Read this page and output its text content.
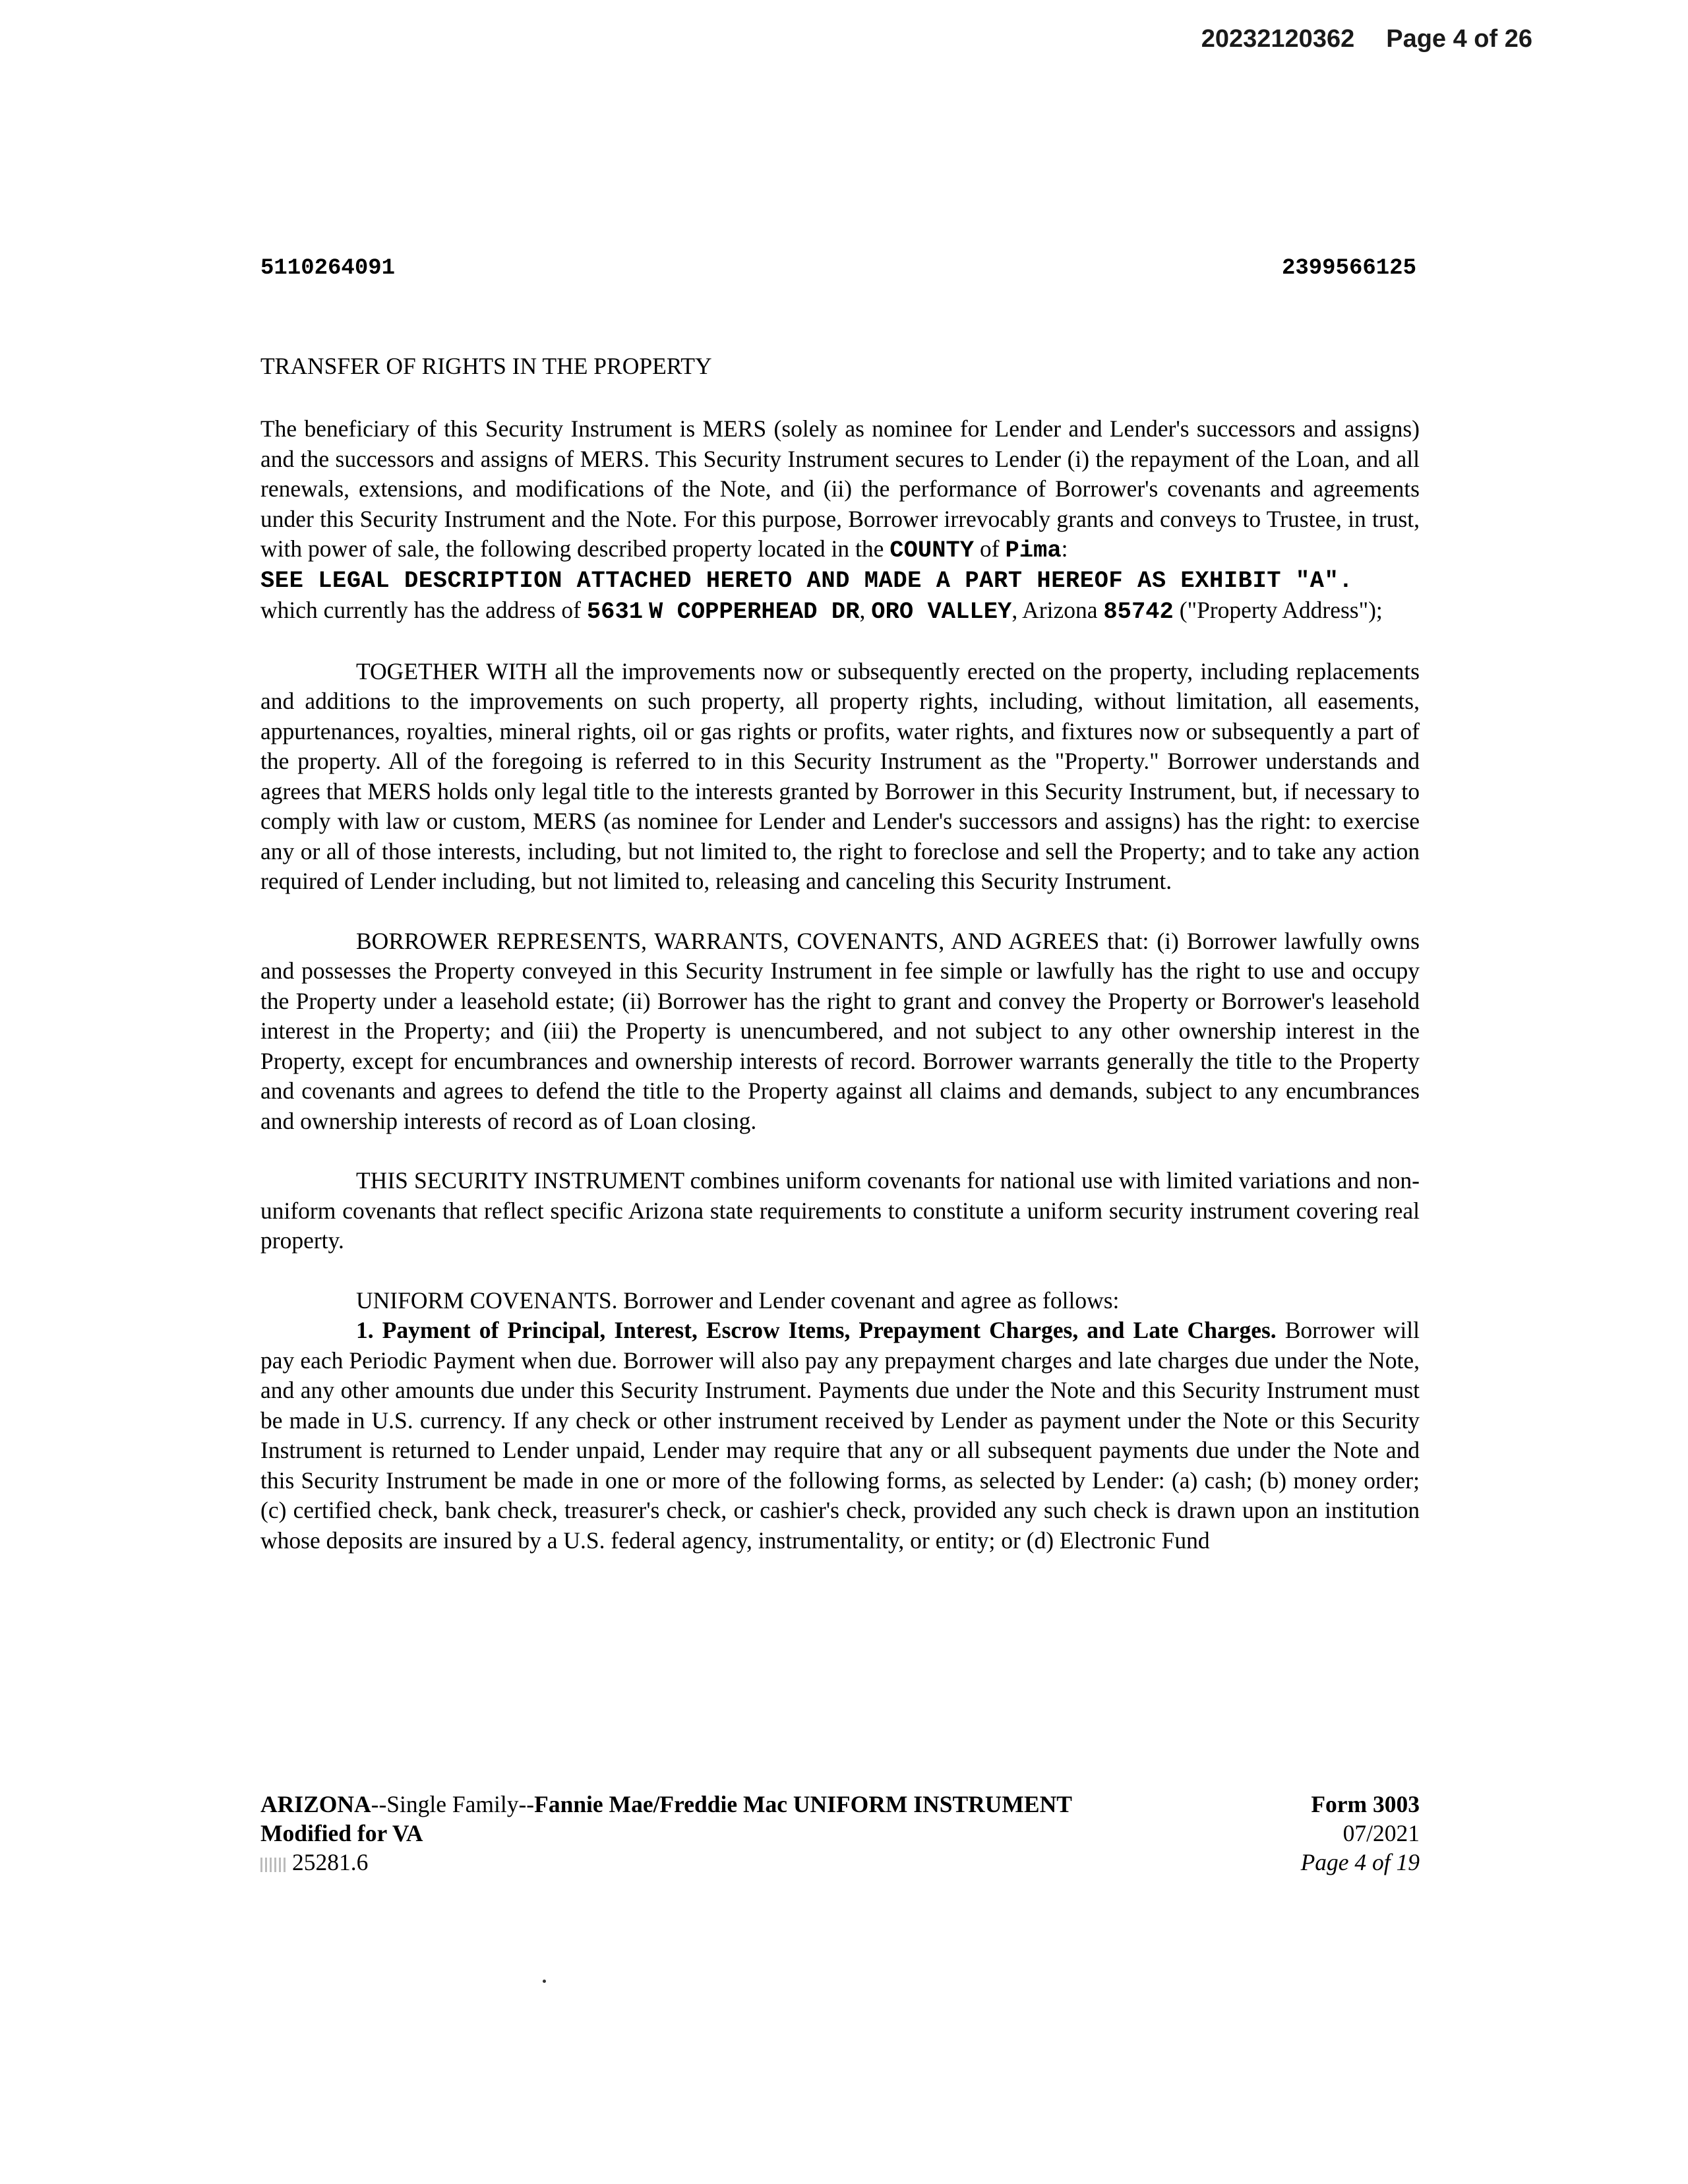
20232120362 Page 4 of 26
5110264091	2399566125
TRANSFER OF RIGHTS IN THE PROPERTY

The beneficiary of this Security Instrument is MERS (solely as nominee for Lender and Lender's successors and assigns) and the successors and assigns of MERS. This Security Instrument secures to Lender (i) the repayment of the Loan, and all renewals, extensions, and modifications of the Note, and (ii) the performance of Borrower's covenants and agreements under this Security Instrument and the Note. For this purpose, Borrower irrevocably grants and conveys to Trustee, in trust, with power of sale, the following described property located in the COUNTY of Pima:

SEE LEGAL DESCRIPTION ATTACHED HERETO AND MADE A PART HEREOF AS EXHIBIT "A".

which currently has the address of 5631 W COPPERHEAD DR, ORO VALLEY, Arizona 85742 ("Property Address");

TOGETHER WITH all the improvements now or subsequently erected on the property, including replacements and additions to the improvements on such property, all property rights, including, without limitation, all easements, appurtenances, royalties, mineral rights, oil or gas rights or profits, water rights, and fixtures now or subsequently a part of the property. All of the foregoing is referred to in this Security Instrument as the "Property." Borrower understands and agrees that MERS holds only legal title to the interests granted by Borrower in this Security Instrument, but, if necessary to comply with law or custom, MERS (as nominee for Lender and Lender's successors and assigns) has the right: to exercise any or all of those interests, including, but not limited to, the right to foreclose and sell the Property; and to take any action required of Lender including, but not limited to, releasing and canceling this Security Instrument.

BORROWER REPRESENTS, WARRANTS, COVENANTS, AND AGREES that: (i) Borrower lawfully owns and possesses the Property conveyed in this Security Instrument in fee simple or lawfully has the right to use and occupy the Property under a leasehold estate; (ii) Borrower has the right to grant and convey the Property or Borrower's leasehold interest in the Property; and (iii) the Property is unencumbered, and not subject to any other ownership interest in the Property, except for encumbrances and ownership interests of record. Borrower warrants generally the title to the Property and covenants and agrees to defend the title to the Property against all claims and demands, subject to any encumbrances and ownership interests of record as of Loan closing.

THIS SECURITY INSTRUMENT combines uniform covenants for national use with limited variations and non-uniform covenants that reflect specific Arizona state requirements to constitute a uniform security instrument covering real property.

UNIFORM COVENANTS. Borrower and Lender covenant and agree as follows:

1. Payment of Principal, Interest, Escrow Items, Prepayment Charges, and Late Charges. Borrower will pay each Periodic Payment when due. Borrower will also pay any prepayment charges and late charges due under the Note, and any other amounts due under this Security Instrument. Payments due under the Note and this Security Instrument must be made in U.S. currency. If any check or other instrument received by Lender as payment under the Note or this Security Instrument is returned to Lender unpaid, Lender may require that any or all subsequent payments due under the Note and this Security Instrument be made in one or more of the following forms, as selected by Lender: (a) cash; (b) money order; (c) certified check, bank check, treasurer's check, or cashier's check, provided any such check is drawn upon an institution whose deposits are insured by a U.S. federal agency, instrumentality, or entity; or (d) Electronic Fund

ARIZONA--Single Family--Fannie Mae/Freddie Mac UNIFORM INSTRUMENT
Modified for VA
25281.6
Form 3003
07/2021
Page 4 of 19
